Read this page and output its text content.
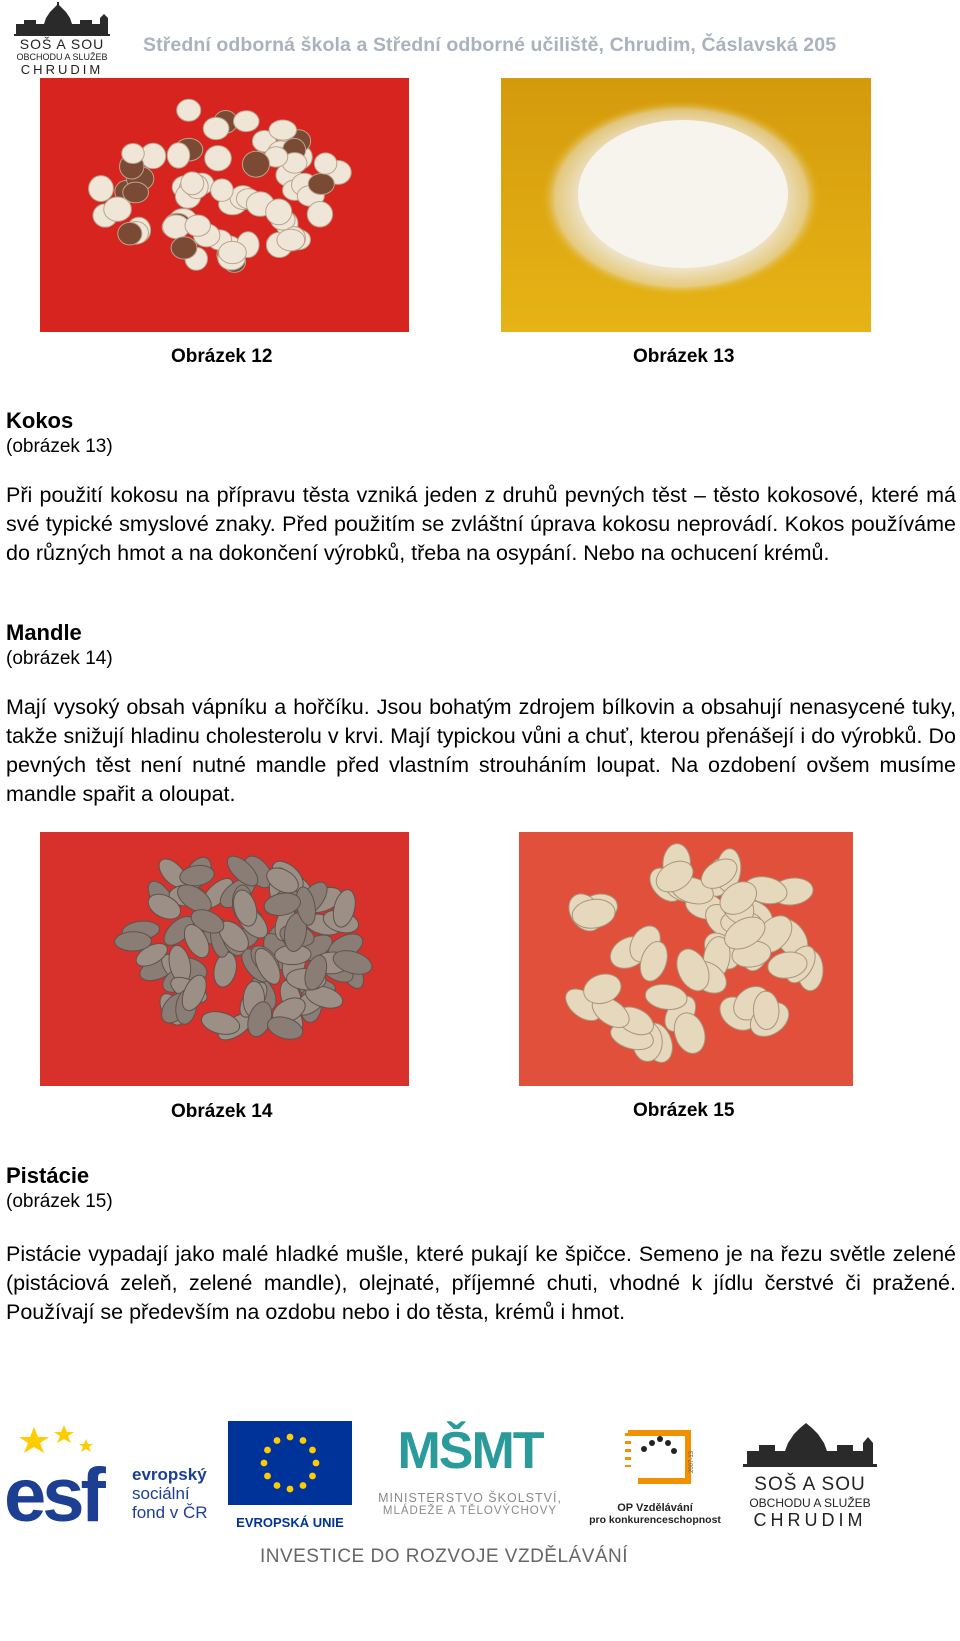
SOŠ A SOU
OBCHODU A SLUŽEB
CHRUDIM
Střední odborná škola a Střední odborné učiliště, Chrudim, Čáslavská 205
Obrázek 12	Obrázek 13
Kokos
(obrázek 13)
Při použití kokosu na přípravu těsta vzniká jeden z druhů pevných těst – těsto kokosové, které má své typické smyslové znaky. Před použitím se zvláštní úprava kokosu neprovádí. Kokos používáme do různých hmot a na dokončení výrobků, třeba na osypání. Nebo na ochucení krémů.
Mandle
(obrázek 14)
Mají vysoký obsah vápníku a hořčíku. Jsou bohatým zdrojem bílkovin a obsahují nenasycené tuky, takže snižují hladinu cholesterolu v krvi. Mají typickou vůni a chuť, kterou přenášejí i do výrobků. Do pevných těst není nutné mandle před vlastním strouháním loupat. Na ozdobení ovšem musíme mandle spařit a oloupat.
Obrázek 14	Obrázek 15
Pistácie
(obrázek 15)
Pistácie vypadají jako malé hladké mušle, které pukají ke špičce. Semeno je na řezu světle zelené (pistáciová zeleň, zelené mandle), olejnaté, příjemné chuti, vhodné k jídlu čerstvé či pražené. Používají se především na ozdobu nebo i do těsta, krémů i hmot.
esf evropský
sociální
fond v ČR
EVROPSKÁ UNIE
MŠMT
MINISTERSTVO ŠKOLSTVÍ,
MLÁDEŽE A TĚLOVÝCHOVY
2007-13
OP Vzdělávání
pro konkurenceschopnost
SOŠ A SOU
OBCHODU A SLUŽEB
CHRUDIM
INVESTICE DO ROZVOJE VZDĚLÁVÁNÍ
